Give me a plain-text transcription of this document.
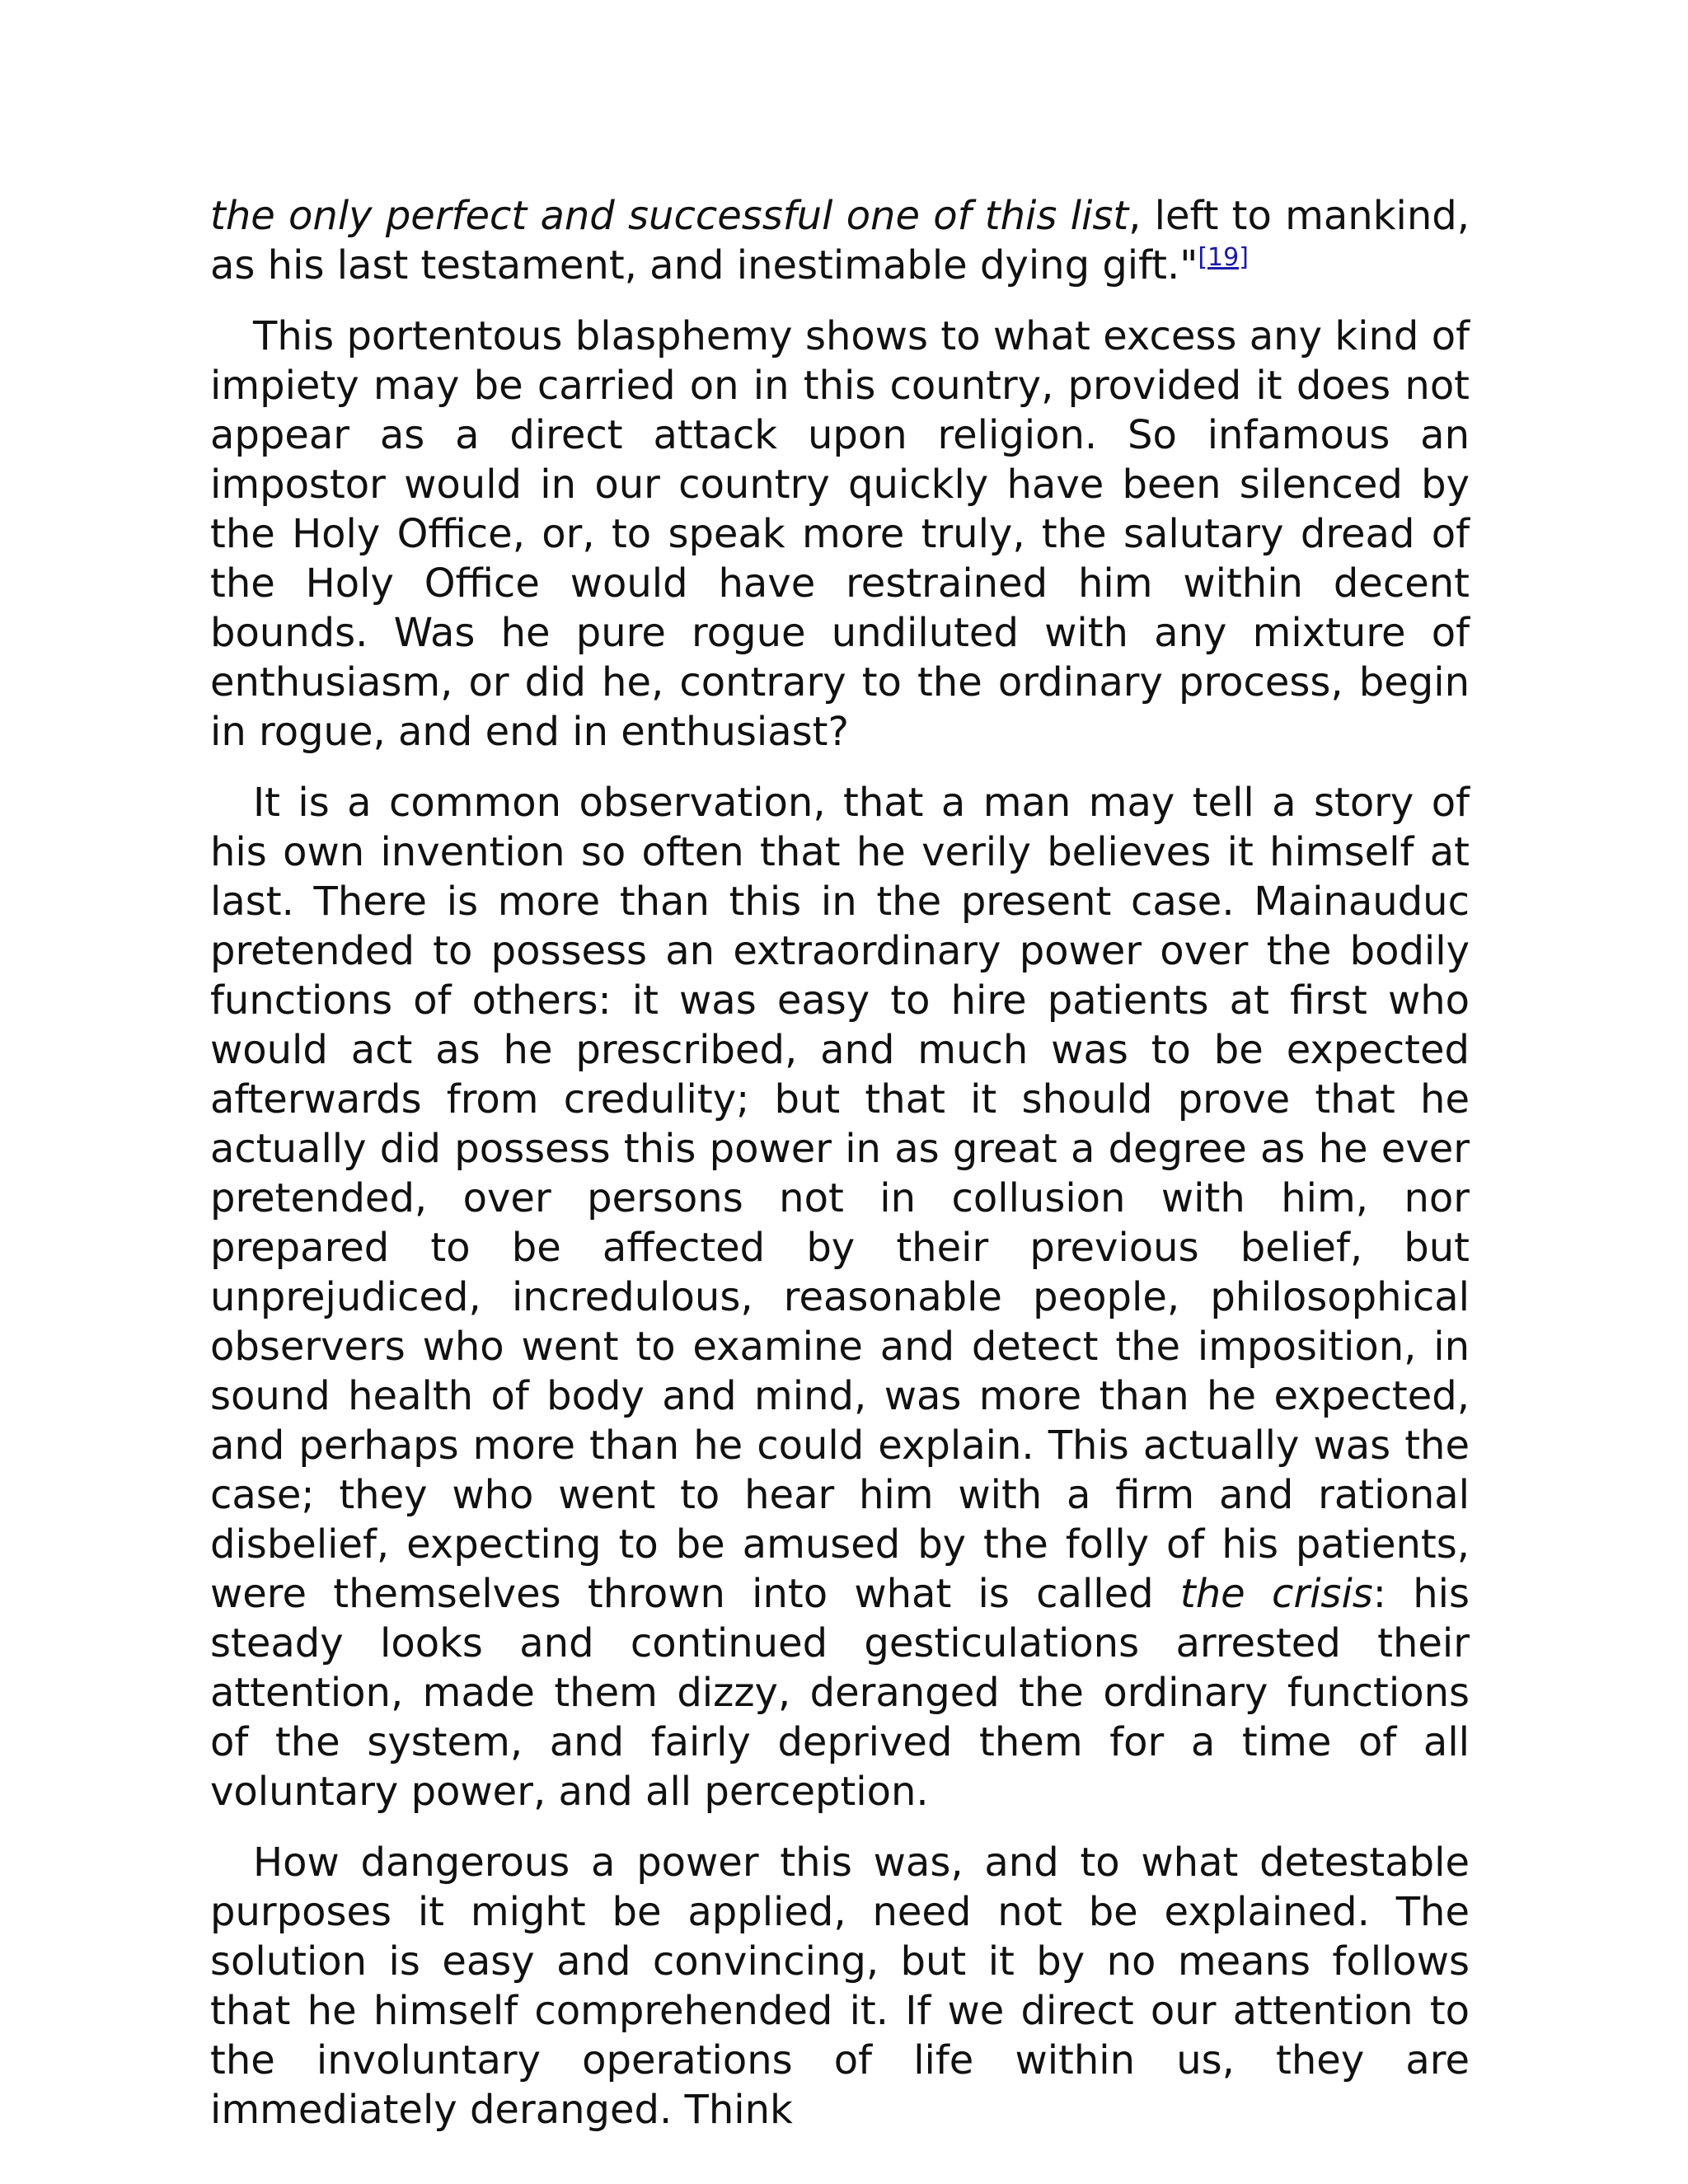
the only perfect and successful one of this list, left to mankind, as his last testament, and inestimable dying gift."[19]

This portentous blasphemy shows to what excess any kind of impiety may be carried on in this country, provided it does not appear as a direct attack upon religion. So infamous an impostor would in our country quickly have been silenced by the Holy Office, or, to speak more truly, the salutary dread of the Holy Office would have restrained him within decent bounds. Was he pure rogue undiluted with any mixture of enthusiasm, or did he, contrary to the ordinary process, begin in rogue, and end in enthusiast?

It is a common observation, that a man may tell a story of his own invention so often that he verily believes it himself at last. There is more than this in the present case. Mainauduc pretended to possess an extraordinary power over the bodily functions of others: it was easy to hire patients at first who would act as he prescribed, and much was to be expected afterwards from credulity; but that it should prove that he actually did possess this power in as great a degree as he ever pretended, over persons not in collusion with him, nor prepared to be affected by their previous belief, but unprejudiced, incredulous, reasonable people, philosophical observers who went to examine and detect the imposition, in sound health of body and mind, was more than he expected, and perhaps more than he could explain. This actually was the case; they who went to hear him with a firm and rational disbelief, expecting to be amused by the folly of his patients, were themselves thrown into what is called the crisis: his steady looks and continued gesticulations arrested their attention, made them dizzy, deranged the ordinary functions of the system, and fairly deprived them for a time of all voluntary power, and all perception.

How dangerous a power this was, and to what detestable purposes it might be applied, need not be explained. The solution is easy and convincing, but it by no means follows that he himself comprehended it. If we direct our attention to the involuntary operations of life within us, they are immediately deranged. Think
